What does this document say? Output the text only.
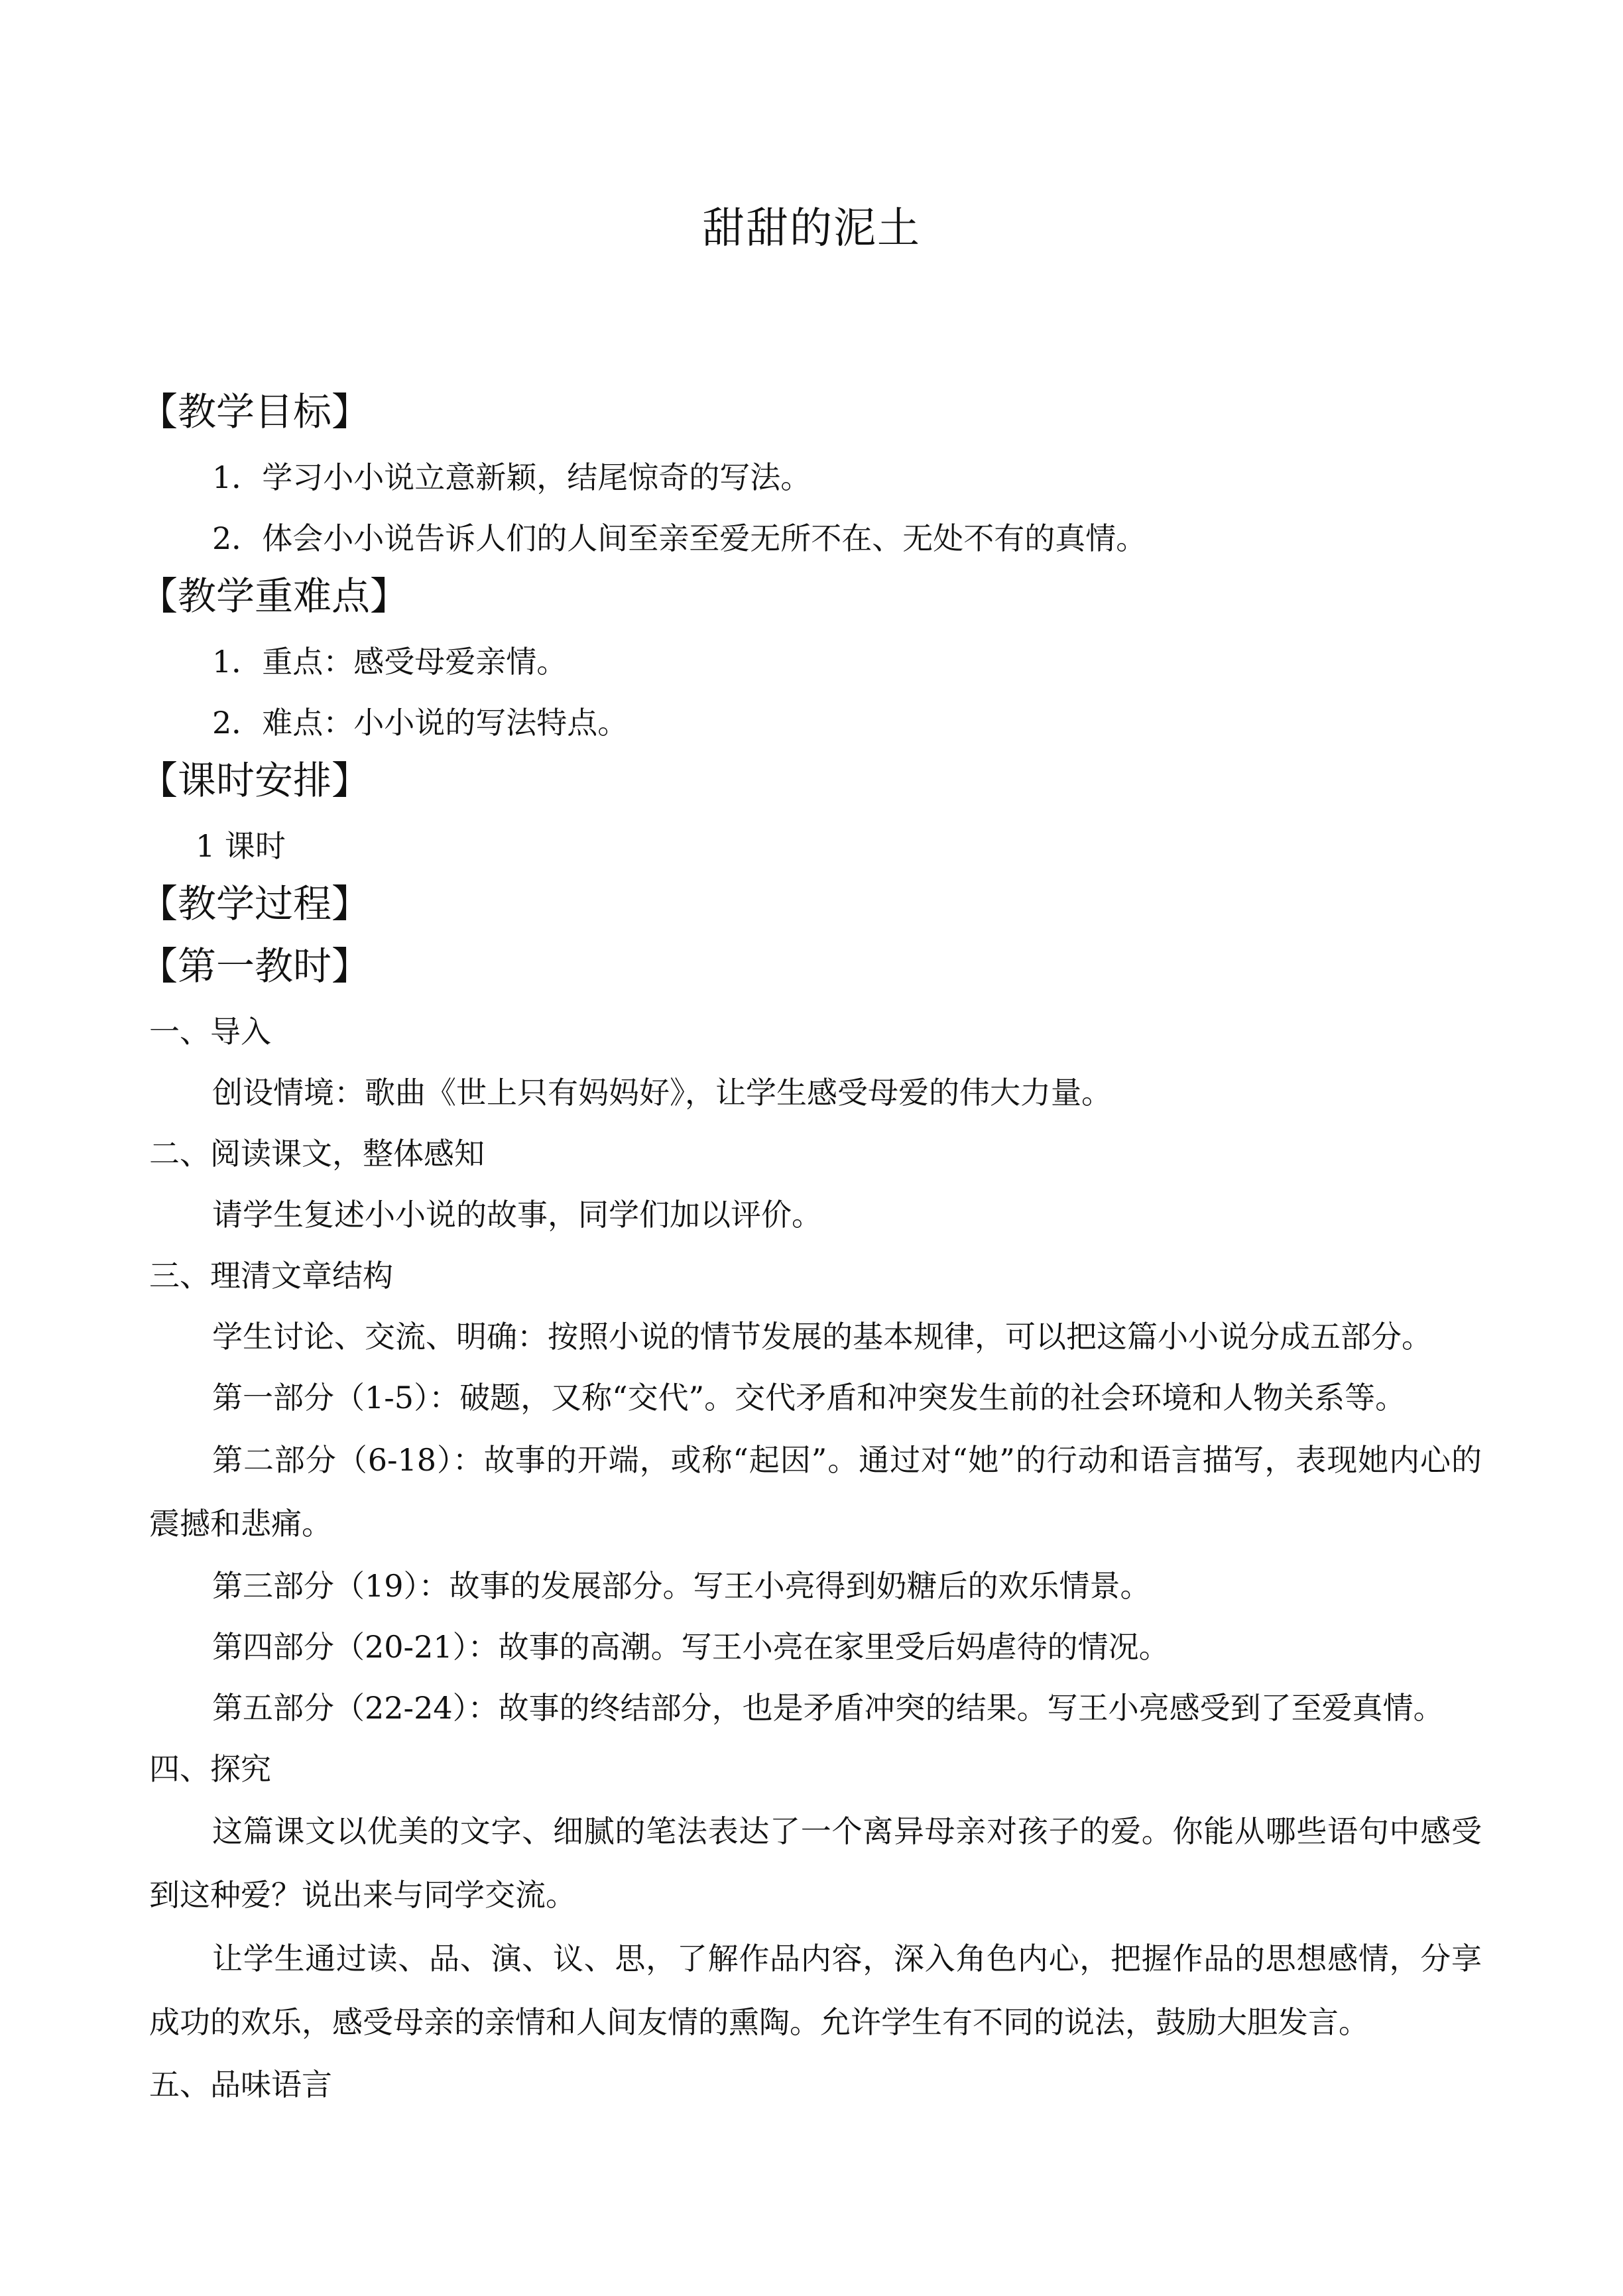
甜甜的泥土
【教学目标】

1．学习小小说立意新颖，结尾惊奇的写法。

2．体会小小说告诉人们的人间至亲至爱无所不在、无处不有的真情。

【教学重难点】

1．重点：感受母爱亲情。

2．难点：小小说的写法特点。

【课时安排】

1 课时

【教学过程】
【第一教时】

一、导入

创设情境：歌曲《世上只有妈妈好》，让学生感受母爱的伟大力量。

二、阅读课文，整体感知

请学生复述小小说的故事，同学们加以评价。

三、理清文章结构

学生讨论、交流、明确：按照小说的情节发展的基本规律，可以把这篇小小说分成五部分。

第一部分（1-5）：破题，又称“交代”。交代矛盾和冲突发生前的社会环境和人物关系等。

第二部分（6-18）：故事的开端，或称“起因”。通过对“她”的行动和语言描写，表现她内心的震撼和悲痛。

第三部分（19）：故事的发展部分。写王小亮得到奶糖后的欢乐情景。

第四部分（20-21）：故事的高潮。写王小亮在家里受后妈虐待的情况。

第五部分（22-24）：故事的终结部分，也是矛盾冲突的结果。写王小亮感受到了至爱真情。

四、探究

这篇课文以优美的文字、细腻的笔法表达了一个离异母亲对孩子的爱。你能从哪些语句中感受到这种爱？说出来与同学交流。

让学生通过读、品、演、议、思，了解作品内容，深入角色内心，把握作品的思想感情，分享成功的欢乐，感受母亲的亲情和人间友情的熏陶。允许学生有不同的说法，鼓励大胆发言。

五、品味语言
